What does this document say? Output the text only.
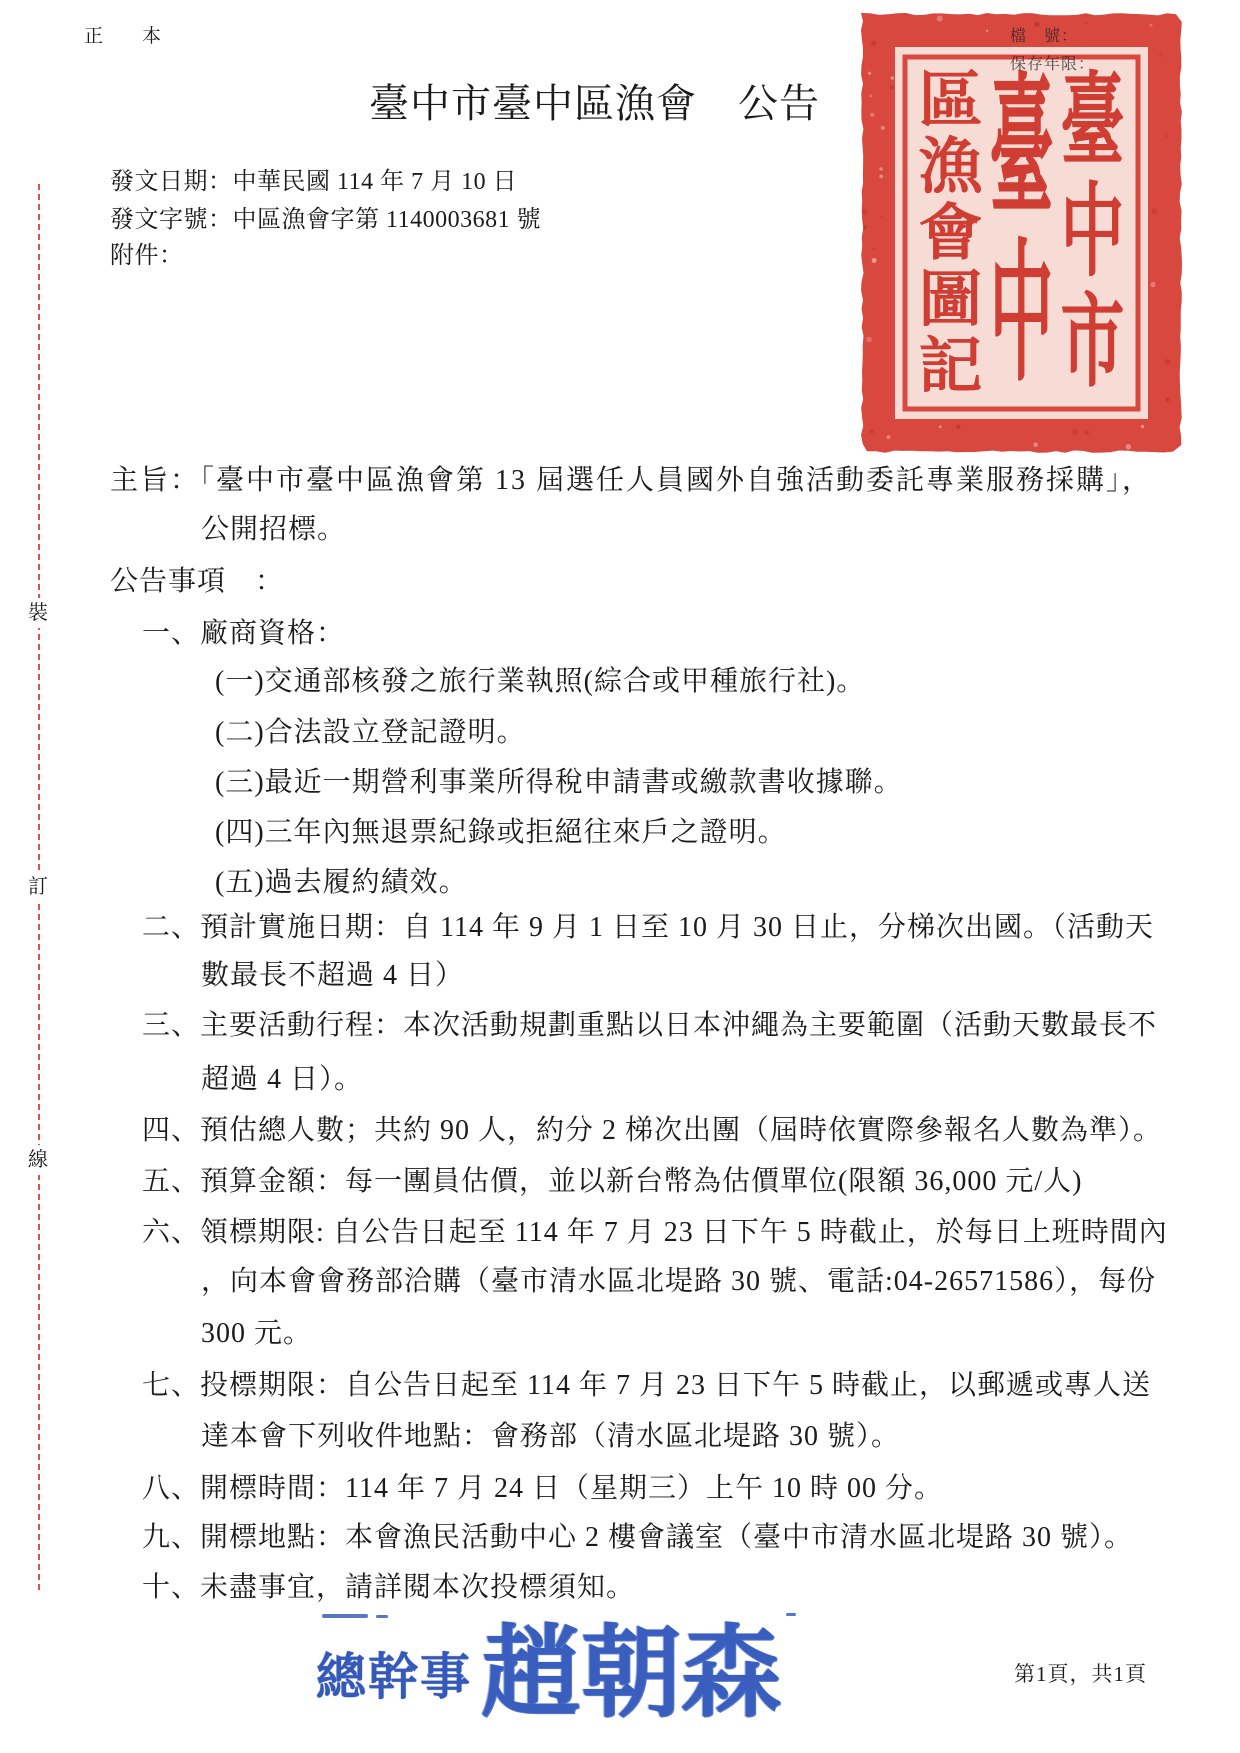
正　本
臺
中
市
臺
中
區
漁
會
圖
記
檔　號：
保存年限：
臺中市臺中區漁會　公告
發文日期：中華民國 114 年 7 月 10 日
發文字號：中區漁會字第 1140003681 號
附件：
裝
訂
線
主旨：「臺中市臺中區漁會第 13 屆選任人員國外自強活動委託專業服務採購」，
公開招標。
公告事項　：
一、廠商資格：
(一)交通部核發之旅行業執照(綜合或甲種旅行社)。
(二)合法設立登記證明。
(三)最近一期營利事業所得稅申請書或繳款書收據聯。
(四)三年內無退票紀錄或拒絕往來戶之證明。
(五)過去履約績效。
二、預計實施日期：自 114 年 9 月 1 日至 10 月 30 日止，分梯次出國。（活動天
數最長不超過 4 日）
三、主要活動行程：本次活動規劃重點以日本沖繩為主要範圍（活動天數最長不
超過 4 日）。
四、預估總人數；共約 90 人，約分 2 梯次出團（屆時依實際參報名人數為準）。
五、預算金額：每一團員估價，並以新台幣為估價單位(限額 36,000 元/人)
六、領標期限: 自公告日起至 114 年 7 月 23 日下午 5 時截止，於每日上班時間內
，向本會會務部洽購（臺市清水區北堤路 30 號、電話:04-26571586），每份
300 元。
七、投標期限：自公告日起至 114 年 7 月 23 日下午 5 時截止，以郵遞或專人送
達本會下列收件地點：會務部（清水區北堤路 30 號）。
八、開標時間：114 年 7 月 24 日（星期三）上午 10 時 00 分。
九、開標地點：本會漁民活動中心 2 樓會議室（臺中市清水區北堤路 30 號）。
十、未盡事宜，請詳閱本次投標須知。
總幹事 趙朝森	第1頁，共1頁
